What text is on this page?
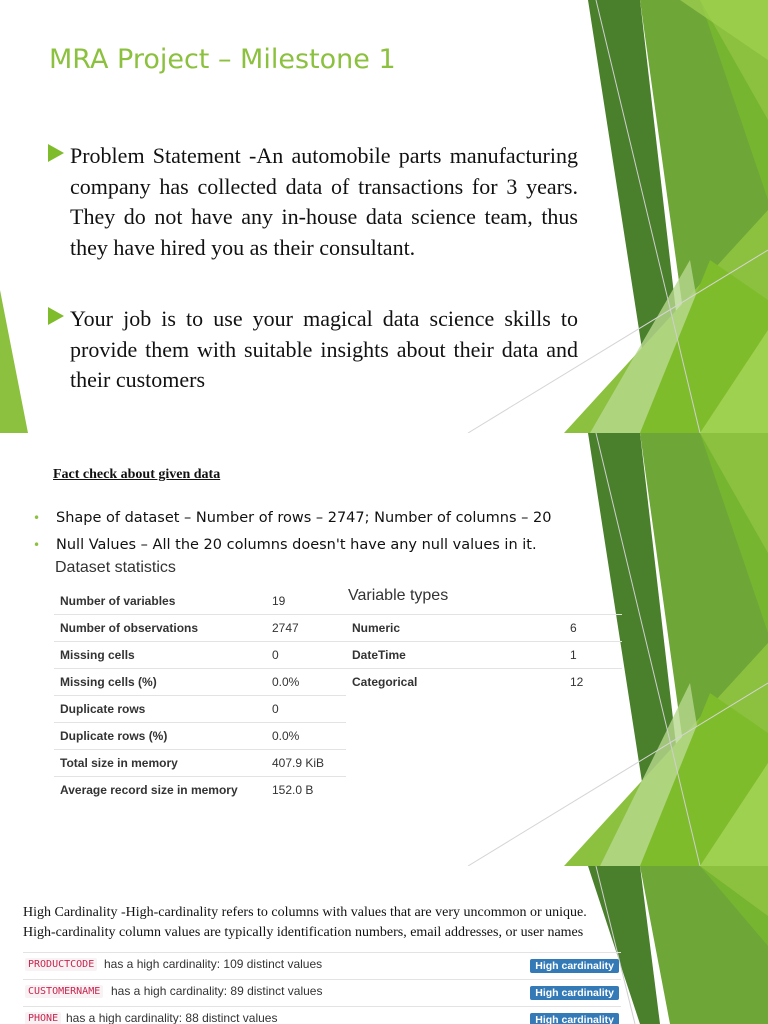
MRA Project – Milestone 1
Problem Statement -An automobile parts manufacturing company has collected data of transactions for 3 years. They do not have any in-house data science team, thus they have hired you as their consultant.
Your job is to use your magical data science skills to provide them with suitable insights about their data and their customers
Fact check about given data
• Shape of dataset – Number of rows – 2747; Number of columns – 20
• Null Values – All the 20 columns doesn't have any null values in it.
Dataset statistics
Number of variables	19
Number of observations	2747
Missing cells	0
Missing cells (%)	0.0%
Duplicate rows	0
Duplicate rows (%)	0.0%
Total size in memory	407.9 KiB
Average record size in memory	152.0 B
Variable types
Numeric	6
DateTime	1
Categorical	12

High Cardinality -High-cardinality refers to columns with values that are very uncommon or unique.
High-cardinality column values are typically identification numbers, email addresses, or user names

PRODUCTCODE has a high cardinality: 109 distinct values	High cardinality
CUSTOMERNAME has a high cardinality: 89 distinct values	High cardinality
PHONE has a high cardinality: 88 distinct values	High cardinality
